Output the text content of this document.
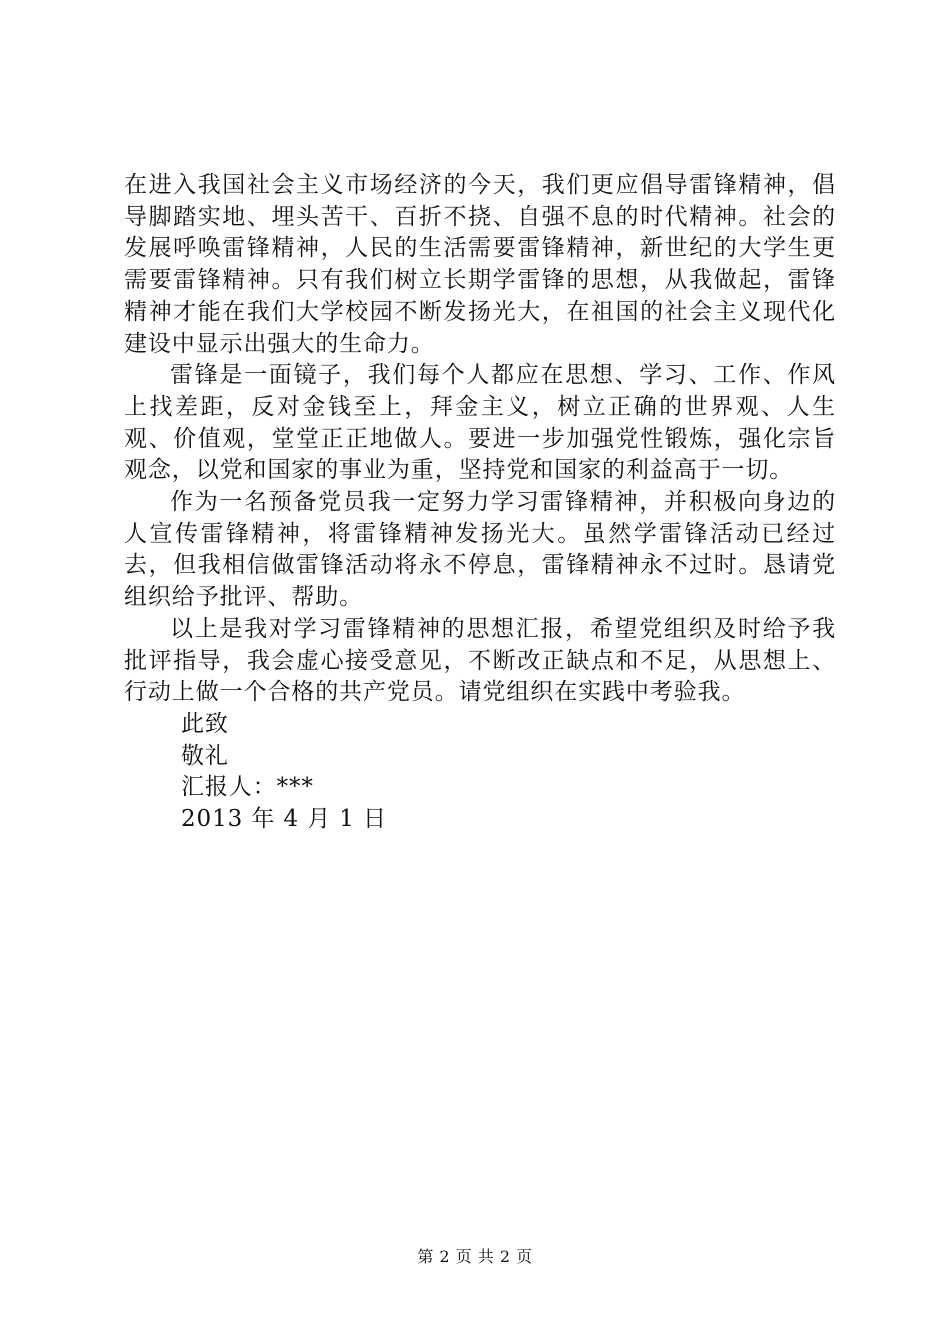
在进入我国社会主义市场经济的今天，我们更应倡导雷锋精神，倡导脚踏实地、埋头苦干、百折不挠、自强不息的时代精神。社会的发展呼唤雷锋精神，人民的生活需要雷锋精神，新世纪的大学生更需要雷锋精神。只有我们树立长期学雷锋的思想，从我做起，雷锋精神才能在我们大学校园不断发扬光大，在祖国的社会主义现代化建设中显示出强大的生命力。

雷锋是一面镜子，我们每个人都应在思想、学习、工作、作风上找差距，反对金钱至上，拜金主义，树立正确的世界观、人生观、价值观，堂堂正正地做人。要进一步加强党性锻炼，强化宗旨观念，以党和国家的事业为重，坚持党和国家的利益高于一切。

作为一名预备党员我一定努力学习雷锋精神，并积极向身边的人宣传雷锋精神，将雷锋精神发扬光大。虽然学雷锋活动已经过去，但我相信做雷锋活动将永不停息，雷锋精神永不过时。恳请党组织给予批评、帮助。

以上是我对学习雷锋精神的思想汇报，希望党组织及时给予我批评指导，我会虚心接受意见，不断改正缺点和不足，从思想上、行动上做一个合格的共产党员。请党组织在实践中考验我。

此致

敬礼

汇报人：***

2013 年 4 月 1 日

第 2 页 共 2 页
